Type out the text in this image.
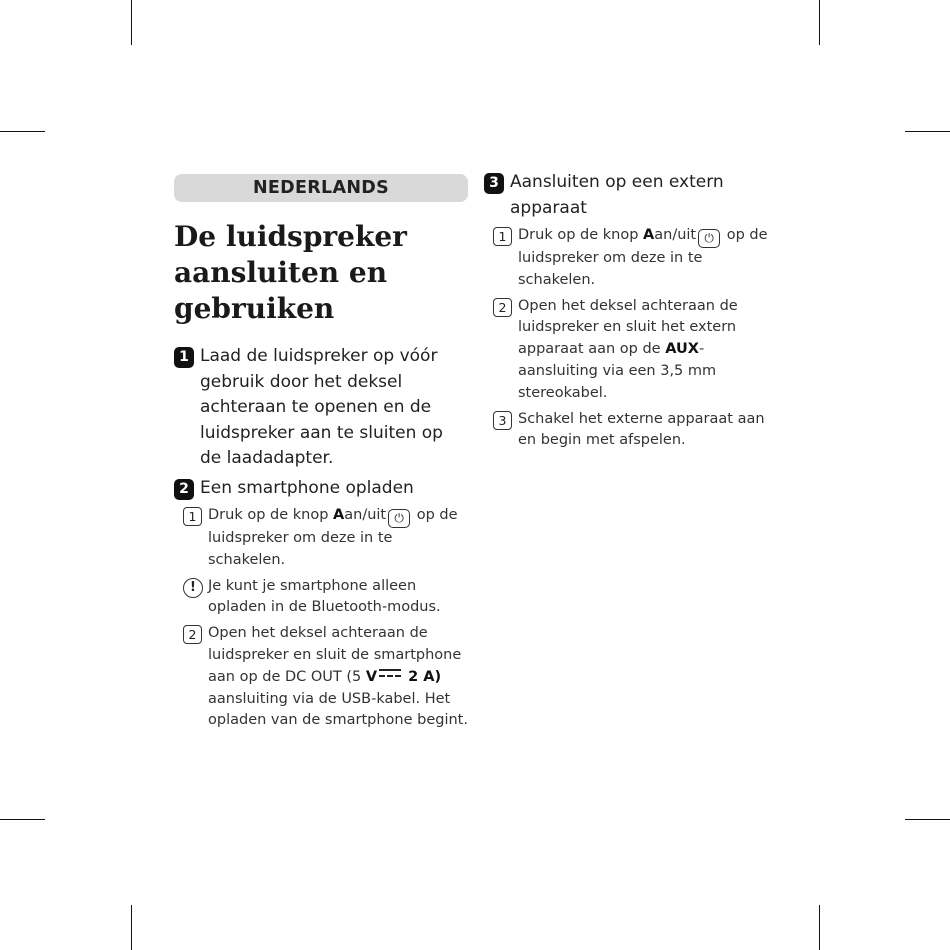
NEDERLANDS
De luidspreker aansluiten en gebruiken
1 Laad de luidspreker op vóór gebruik door het deksel achteraan te openen en de luidspreker aan te sluiten op de laadadapter.
2 Een smartphone opladen
1 Druk op de knop Aan/uit ⏻ op de luidspreker om deze in te schakelen.
! Je kunt je smartphone alleen opladen in de Bluetooth-modus.
2 Open het deksel achteraan de luidspreker en sluit de smartphone aan op de DC OUT (5 V 2 A) aansluiting via de USB-kabel. Het opladen van de smartphone begint.
3 Aansluiten op een extern apparaat
1 Druk op de knop Aan/uit ⏻ op de luidspreker om deze in te schakelen.
2 Open het deksel achteraan de luidspreker en sluit het extern apparaat aan op de AUX-aansluiting via een 3,5 mm stereokabel.
3 Schakel het externe apparaat aan en begin met afspelen.
